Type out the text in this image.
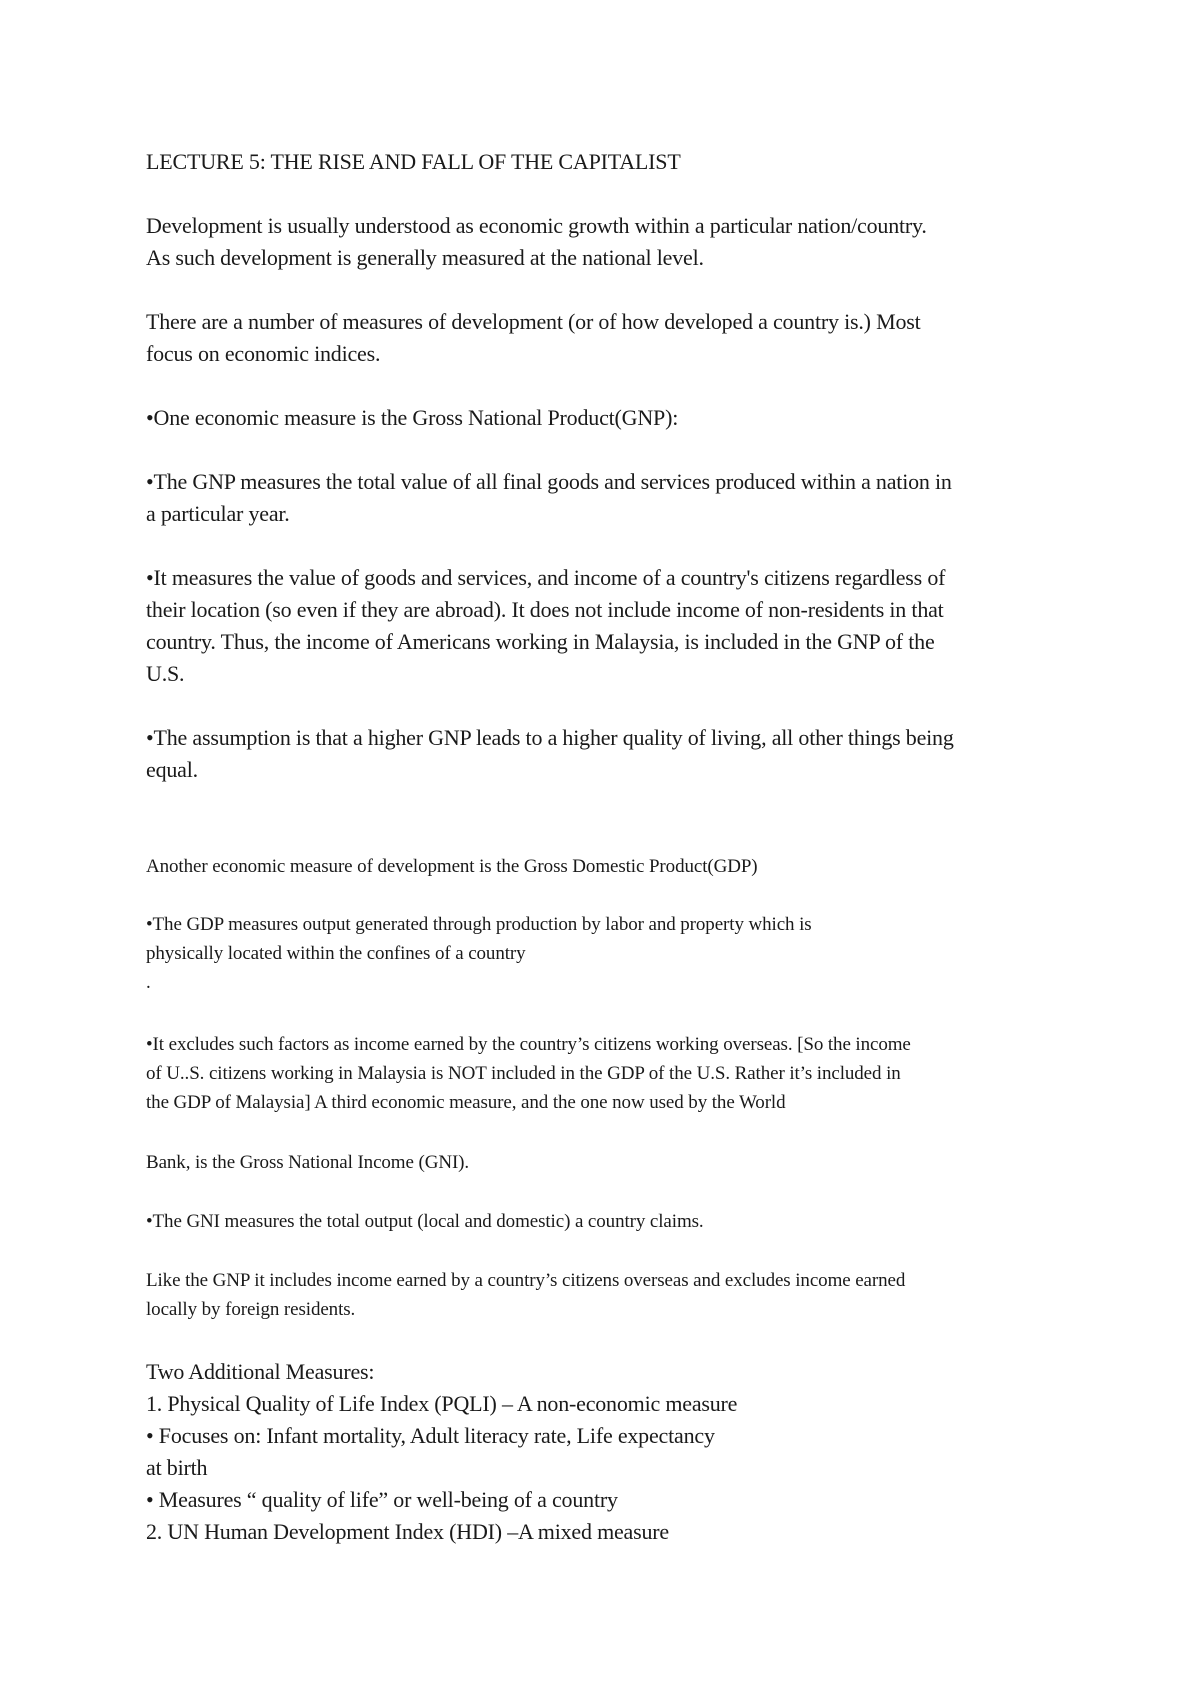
LECTURE 5: THE RISE AND FALL OF THE CAPITALIST

Development is usually understood as economic growth within a particular nation/country.
As such development is generally measured at the national level.

There are a number of measures of development (or of how developed a country is.) Most
focus on economic indices.

•One economic measure is the Gross National Product(GNP):

•The GNP measures the total value of all final goods and services produced within a nation in
a particular year.

•It measures the value of goods and services, and income of a country's citizens regardless of
their location (so even if they are abroad). It does not include income of non-residents in that
country. Thus, the income of Americans working in Malaysia, is included in the GNP of the
U.S.

•The assumption is that a higher GNP leads to a higher quality of living, all other things being
equal.

Another economic measure of development is the Gross Domestic Product(GDP)

•The GDP measures output generated through production by labor and property which is
physically located within the confines of a country

.

•It excludes such factors as income earned by the country’s citizens working overseas. [So the income
of U..S. citizens working in Malaysia is NOT included in the GDP of the U.S. Rather it’s included in
the GDP of Malaysia] A third economic measure, and the one now used by the World

Bank, is the Gross National Income (GNI).

•The GNI measures the total output (local and domestic) a country claims.

Like the GNP it includes income earned by a country’s citizens overseas and excludes income earned
locally by foreign residents.

Two Additional Measures:
1. Physical Quality of Life Index (PQLI) – A non-economic measure
• Focuses on: Infant mortality, Adult literacy rate, Life expectancy
at birth
• Measures “ quality of life” or well-being of a country
2. UN Human Development Index (HDI) –A mixed measure
